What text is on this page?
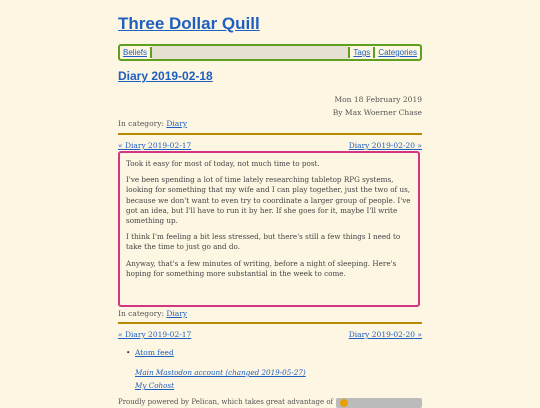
Three Dollar Quill
Beliefs	Tags	Categories
Diary 2019-02-18
Mon 18 February 2019
By Max Woerner Chase
In category: Diary
« Diary 2019-02-17	Diary 2019-02-20 »

Took it easy for most of today, not much time to post.

I've been spending a lot of time lately researching tabletop RPG systems, looking for something that my wife and I can play together, just the two of us, because we don't want to even try to coordinate a larger group of people. I've got an idea, but I'll have to run it by her. If she goes for it, maybe I'll write something up.

I think I'm feeling a bit less stressed, but there's still a few things I need to take the time to just go and do.

Anyway, that's a few minutes of writing, before a night of sleeping. Here's hoping for something more substantial in the week to come.

In category: Diary
« Diary 2019-02-17	Diary 2019-02-20 »
• Atom feed
Main Mastodon account (changed 2019-05-27)
My Cohost
Proudly powered by Pelican, which takes great advantage of
